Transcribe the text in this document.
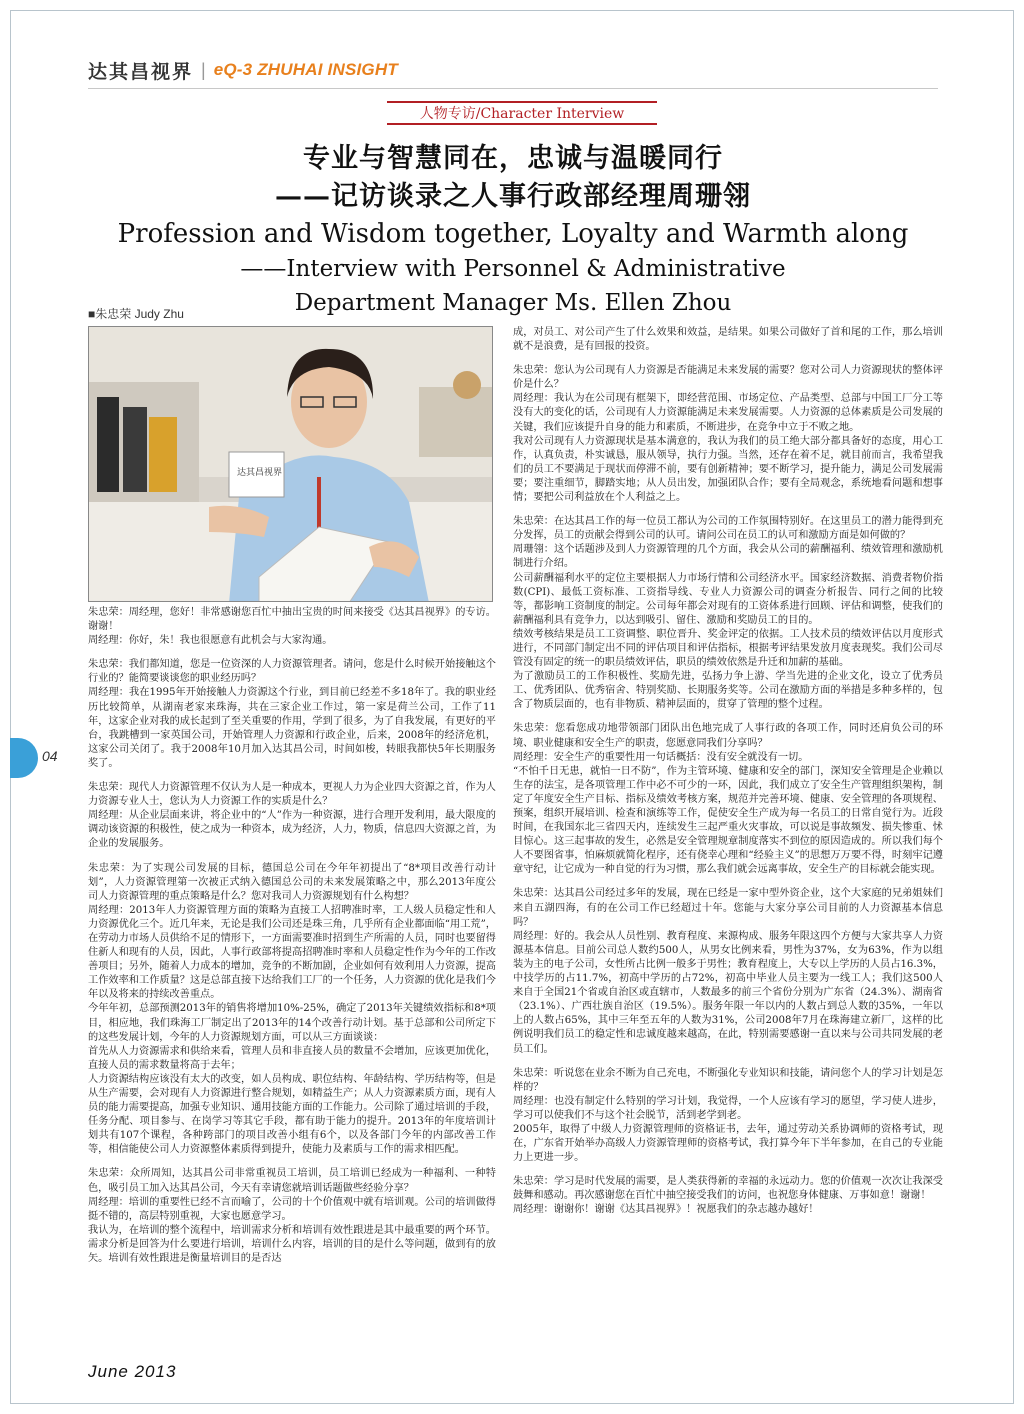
达其昌视界 | eQ-3 ZHUHAI INSIGHT
人物专访/Character Interview
专业与智慧同在，忠诚与温暖同行
——记访谈录之人事行政部经理周珊翎
Profession and Wisdom together, Loyalty and Warmth along
——Interview with Personnel & Administrative
Department Manager Ms. Ellen Zhou
■朱忠荣 Judy Zhu
达其昌视界

朱忠荣：周经理，您好！非常感谢您百忙中抽出宝贵的时间来接受《达其昌视界》的专访。谢谢！
周经理：你好，朱！我也很愿意有此机会与大家沟通。

朱忠荣：我们都知道，您是一位资深的人力资源管理者。请问，您是什么时候开始接触这个行业的？能简要谈谈您的职业经历吗？
周经理：我在1995年开始接触人力资源这个行业，到目前已经差不多18年了。我的职业经历比较简单，从湖南老家来珠海，共在三家企业工作过，第一家是荷兰公司，工作了11年，这家企业对我的成长起到了至关重要的作用，学到了很多，为了自我发展，有更好的平台，我跳槽到一家英国公司，开始管理人力资源和行政企业，后来，2008年的经济危机，这家公司关闭了。我于2008年10月加入达其昌公司，时间如梭，转眼我都快5年长期服务奖了。

朱忠荣：现代人力资源管理不仅认为人是一种成本，更视人力为企业四大资源之首，作为人力资源专业人士，您认为人力资源工作的实质是什么？
周经理：从企业层面来讲，将企业中的“人”作为一种资源，进行合理开发利用，最大限度的调动该资源的积极性，使之成为一种资本，成为经济，人力，物质，信息四大资源之首，为企业的发展服务。

朱忠荣：为了实现公司发展的目标，德国总公司在今年年初提出了“8*项目改善行动计划”，人力资源管理第一次被正式纳入德国总公司的未来发展策略之中，那么2013年度公司人力资源管理的重点策略是什么？您对我司人力资源规划有什么构想？
周经理：2013年人力资源管理方面的策略为直接工人招聘准时率，工人级人员稳定性和人力资源优化三个。近几年来，无论是我们公司还是珠三角，几乎所有企业都面临“用工荒”，在劳动力市场人员供给不足的情形下，一方面需要准时招到生产所需的人员，同时也要留得住新人和现有的人员，因此，人事行政部将提高招聘准时率和人员稳定性作为今年的工作改善项目；另外，随着人力成本的增加，竞争的不断加剧，企业如何有效利用人力资源，提高工作效率和工作质量？这是总部直接下达给我们工厂的一个任务，人力资源的优化是我们今年以及将来的持续改善重点。
今年年初，总部预测2013年的销售将增加10%-25%，确定了2013年关键绩效指标和8*项目，相应地，我们珠海工厂制定出了2013年的14个改善行动计划。基于总部和公司所定下的这些发展计划，今年的人力资源规划方面，可以从三方面谈谈：
首先从人力资源需求和供给来看，管理人员和非直接人员的数量不会增加，应该更加优化，直接人员的需求数量将高于去年；
人力资源结构应该没有太大的改变，如人员构成、职位结构、年龄结构、学历结构等，但是从生产需要，会对现有人力资源进行整合规划，如精益生产；从人力资源素质方面，现有人员的能力需要提高，加强专业知识、通用技能方面的工作能力。公司除了通过培训的手段，任务分配、项目参与、在岗学习等其它手段，都有助于能力的提升。2013年的年度培训计划共有107个课程，各种跨部门的项目改善小组有6个，以及各部门今年的内部改善工作等，相信能使公司人力资源整体素质得到提升，使能力及素质与工作的需求相匹配。

朱忠荣：众所周知，达其昌公司非常重视员工培训，员工培训已经成为一种福利、一种特色，吸引员工加入达其昌公司，今天有幸请您就培训话题做些经验分享？
周经理：培训的重要性已经不言而喻了，公司的十个价值观中就有培训观。公司的培训做得挺不错的，高层特别重视，大家也愿意学习。
我认为，在培训的整个流程中，培训需求分析和培训有效性跟进是其中最重要的两个环节。需求分析是回答为什么要进行培训，培训什么内容，培训的目的是什么等问题，做到有的放矢。培训有效性跟进是衡量培训目的是否达

成，对员工、对公司产生了什么效果和效益，是结果。如果公司做好了首和尾的工作，那么培训就不是浪费，是有回报的投资。

朱忠荣：您认为公司现有人力资源是否能满足未来发展的需要？您对公司人力资源现状的整体评价是什么？
周经理：我认为在公司现有框架下，即经营范围、市场定位、产品类型、总部与中国工厂分工等没有大的变化的话，公司现有人力资源能满足未来发展需要。人力资源的总体素质是公司发展的关键，我们应该提升自身的能力和素质，不断进步，在竞争中立于不败之地。
我对公司现有人力资源现状是基本满意的，我认为我们的员工绝大部分都具备好的态度，用心工作，认真负责，朴实诚恳，服从领导，执行力强。当然，还存在着不足，就目前而言，我希望我们的员工不要满足于现状而停滞不前，要有创新精神；要不断学习，提升能力，满足公司发展需要；要注重细节，脚踏实地；从人员出发，加强团队合作；要有全局观念，系统地看问题和想事情；要把公司利益放在个人利益之上。

朱忠荣：在达其昌工作的每一位员工都认为公司的工作氛围特别好。在这里员工的潜力能得到充分发挥，员工的贡献会得到公司的认可。请问公司在员工的认可和激励方面是如何做的？
周珊翎：这个话题涉及到人力资源管理的几个方面，我会从公司的薪酬福利、绩效管理和激励机制进行介绍。
公司薪酬福利水平的定位主要根据人力市场行情和公司经济水平。国家经济数据、消费者物价指数(CPI)、最低工资标准、工资指导线、专业人力资源公司的调查分析报告、同行之间的比较等，都影响工资制度的制定。公司每年都会对现有的工资体系进行回顾、评估和调整，使我们的薪酬福利具有竞争力，以达到吸引、留住、激励和奖励员工的目的。
绩效考核结果是员工工资调整、职位晋升、奖金评定的依据。工人技术员的绩效评估以月度形式进行，不同部门制定出不同的评估项目和评估指标，根据考评结果发放月度表现奖。我们公司尽管没有固定的统一的职员绩效评估，职员的绩效依然是升迁和加薪的基础。
为了激励员工的工作积极性、奖励先进，弘扬力争上游、学当先进的企业文化，设立了优秀员工、优秀团队、优秀宿舍、特别奖励、长期服务奖等。公司在激励方面的举措是多种多样的，包含了物质层面的，也有非物质、精神层面的，贯穿了管理的整个过程。

朱忠荣：您看您成功地带领部门团队出色地完成了人事行政的各项工作，同时还肩负公司的环境、职业健康和安全生产的职责，您愿意同我们分享吗？
周经理：安全生产的重要性用一句话概括：没有安全就没有一切。
“不怕千日无患，就怕一日不防”，作为主管环境、健康和安全的部门，深知安全管理是企业赖以生存的法宝，是各项管理工作中必不可少的一环，因此，我们成立了安全生产管理组织架构，制定了年度安全生产目标、指标及绩效考核方案，规范并完善环境、健康、安全管理的各项规程、预案，组织开展培训、检查和演练等工作，促使安全生产成为每一名员工的日常自觉行为。近段时间，在我国东北三省四天内，连续发生三起严重火灾事故，可以说是事故频发、损失惨重、怵目惊心。这三起事故的发生，必然是安全管理规章制度落实不到位的原因造成的。所以我们每个人不要图省事，怕麻烦就简化程序，还有侥幸心理和“经验主义”的思想万万要不得，时刻牢记遵章守纪，让它成为一种自觉的行为习惯，那么我们就会远离事故，安全生产的目标就会能实现。

朱忠荣：达其昌公司经过多年的发展，现在已经是一家中型外资企业，这个大家庭的兄弟姐妹们来自五湖四海，有的在公司工作已经超过十年。您能与大家分享公司目前的人力资源基本信息吗？
周经理：好的。我会从人员性别、教育程度、来源构成、服务年限这四个方便与大家共享人力资源基本信息。目前公司总人数约500人，从男女比例来看，男性为37%，女为63%，作为以组装为主的电子公司，女性所占比例一般多于男性；教育程度上，大专以上学历的人员占16.3%，中技学历的占11.7%，初高中学历的占72%，初高中毕业人员主要为一线工人；我们这500人来自于全国21个省或自治区或直辖市，人数最多的前三个省份分别为广东省（24.3%）、湖南省（23.1%）、广西壮族自治区（19.5%）。服务年限一年以内的人数占到总人数的35%，一年以上的人数占65%，其中三年至五年的人数为31%，公司2008年7月在珠海建立新厂，这样的比例说明我们员工的稳定性和忠诚度越来越高，在此，特别需要感谢一直以来与公司共同发展的老员工们。

朱忠荣：听说您在业余不断为自己充电，不断强化专业知识和技能，请问您个人的学习计划是怎样的？
周经理：也没有制定什么特别的学习计划，我觉得，一个人应该有学习的愿望，学习使人进步，学习可以使我们不与这个社会脱节，活到老学到老。
2005年，取得了中级人力资源管理师的资格证书，去年，通过劳动关系协调师的资格考试，现在，广东省开始举办高级人力资源管理师的资格考试，我打算今年下半年参加，在自己的专业能力上更进一步。

朱忠荣：学习是时代发展的需要，是人类获得新的幸福的永远动力。您的价值观一次次让我深受鼓舞和感动。再次感谢您在百忙中抽空接受我们的访问，也祝您身体健康、万事如意！谢谢！
周经理：谢谢你！谢谢《达其昌视界》！祝愿我们的杂志越办越好！

04
June 2013
